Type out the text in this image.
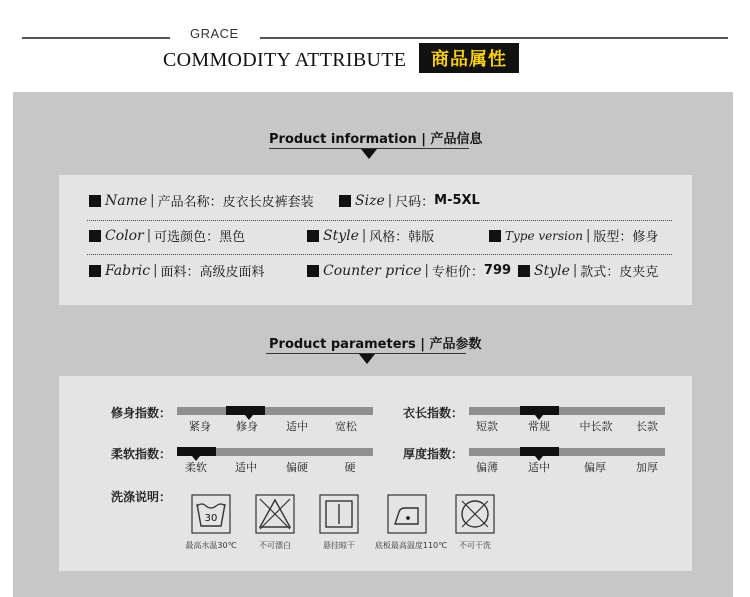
GRACE
COMMODITY ATTRIBUTE	商品属性
Product information | 产品信息
Name | 产品名称： 皮衣长皮裤套装	Size | 尺码： M-5XL
Color | 可选颜色： 黑色	Style | 风格： 韩版	Type version | 版型： 修身
Fabric | 面料： 高级皮面料	Counter price | 专柜价： 799 Style | 款式： 皮夹克
Product parameters | 产品参数
修身指数：
紧身 修身	适中 宽松
衣长指数：
短款	常规	中长款 长款
柔软指数：
柔软	适中	偏硬	硬
厚度指数：
偏薄	适中	偏厚	加厚
洗涤说明：
30
最高水温30℃	不可漂白	悬挂晾干 底板最高温度110℃ 不可干洗
